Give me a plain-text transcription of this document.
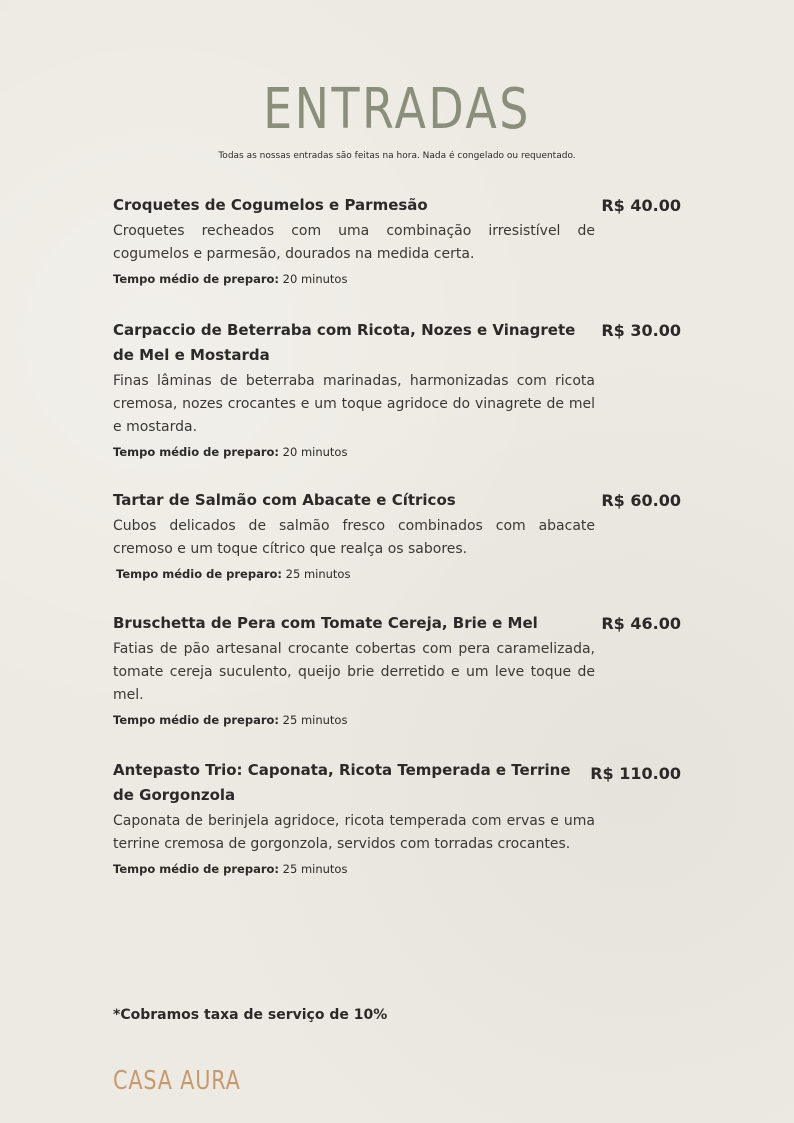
ENTRADAS
Todas as nossas entradas são feitas na hora. Nada é congelado ou requentado.
Croquetes de Cogumelos e Parmesão	R$ 40.00
Croquetes recheados com uma combinação irresistível de cogumelos e parmesão, dourados na medida certa.
Tempo médio de preparo: 20 minutos
Carpaccio de Beterraba com Ricota, Nozes e Vinagrete de Mel e Mostarda
R$ 30.00
Finas lâminas de beterraba marinadas, harmonizadas com ricota cremosa, nozes crocantes e um toque agridoce do vinagrete de mel e mostarda.
Tempo médio de preparo: 20 minutos
Tartar de Salmão com Abacate e Cítricos	R$ 60.00
Cubos delicados de salmão fresco combinados com abacate cremoso e um toque cítrico que realça os sabores.
Tempo médio de preparo: 25 minutos
Bruschetta de Pera com Tomate Cereja, Brie e Mel	R$ 46.00
Fatias de pão artesanal crocante cobertas com pera caramelizada, tomate cereja suculento, queijo brie derretido e um leve toque de mel.
Tempo médio de preparo: 25 minutos
Antepasto Trio: Caponata, Ricota Temperada e Terrine de Gorgonzola
R$ 110.00
Caponata de berinjela agridoce, ricota temperada com ervas e uma terrine cremosa de gorgonzola, servidos com torradas crocantes.
Tempo médio de preparo: 25 minutos
*Cobramos taxa de serviço de 10%
CASA AURA
